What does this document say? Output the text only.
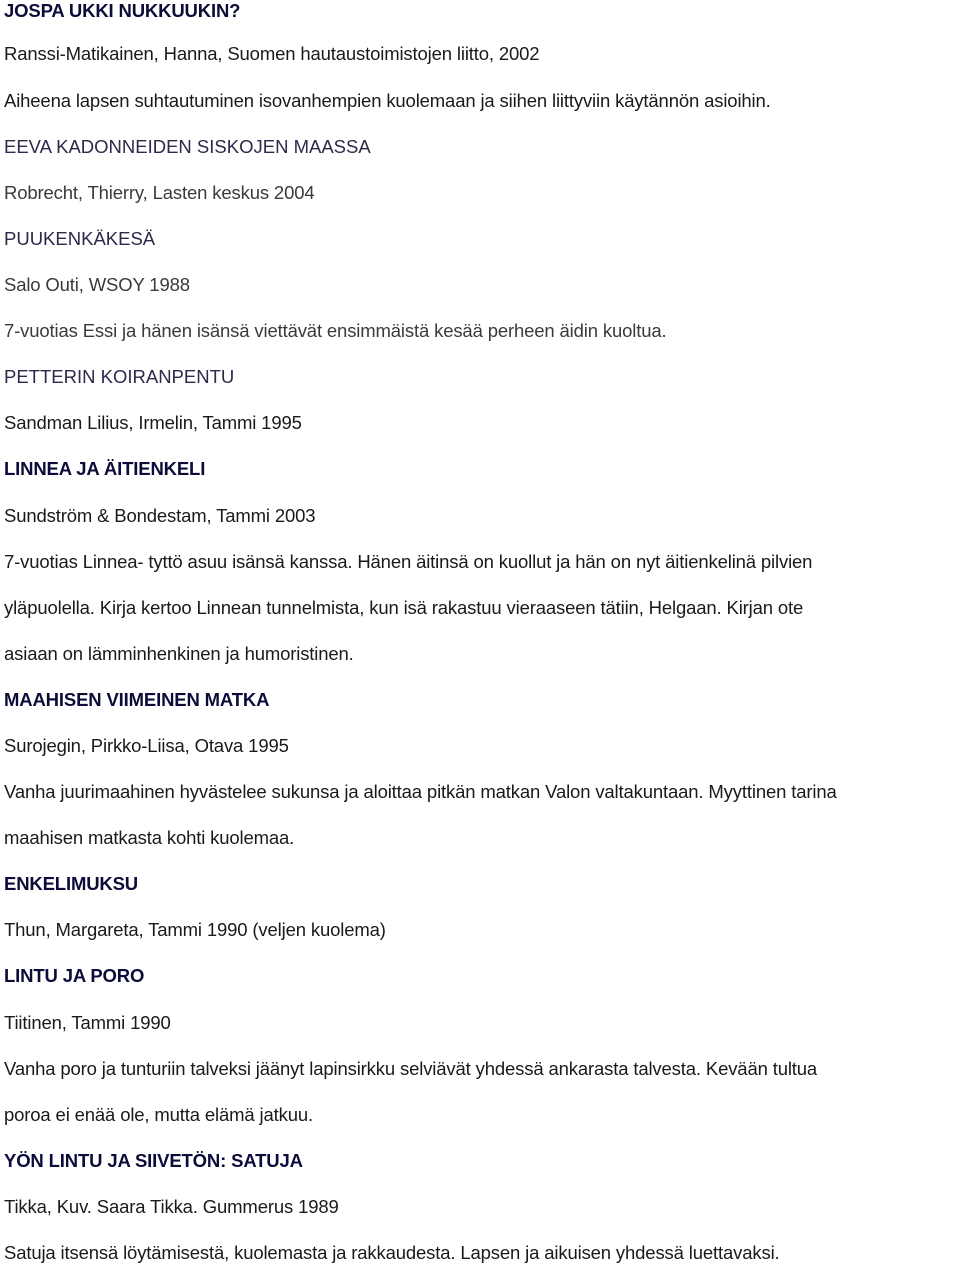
JOSPA UKKI NUKKUUKIN?
Ranssi-Matikainen, Hanna, Suomen hautaustoimistojen liitto, 2002
Aiheena lapsen suhtautuminen isovanhempien kuolemaan ja siihen liittyviin käytännön asioihin.
EEVA KADONNEIDEN SISKOJEN MAASSA
Robrecht, Thierry, Lasten keskus 2004
PUUKENKÄKESÄ
Salo Outi, WSOY 1988
7-vuotias Essi ja hänen isänsä viettävät ensimmäistä kesää perheen äidin kuoltua.
PETTERIN KOIRANPENTU
Sandman Lilius, Irmelin, Tammi 1995
LINNEA JA ÄITIENKELI
Sundström & Bondestam, Tammi 2003
7-vuotias Linnea- tyttö asuu isänsä kanssa. Hänen äitinsä on kuollut ja hän on nyt äitienkelinä pilvien
yläpuolella. Kirja kertoo Linnean tunnelmista, kun isä rakastuu vieraaseen tätiin, Helgaan. Kirjan ote
asiaan on lämminhenkinen ja humoristinen.
MAAHISEN VIIMEINEN MATKA
Surojegin, Pirkko-Liisa, Otava 1995
Vanha juurimaahinen hyvästelee sukunsa ja aloittaa pitkän matkan Valon valtakuntaan. Myyttinen tarina
maahisen matkasta kohti kuolemaa.
ENKELIMUKSU
Thun, Margareta, Tammi 1990 (veljen kuolema)
LINTU JA PORO
Tiitinen, Tammi 1990
Vanha poro ja tunturiin talveksi jäänyt lapinsirkku selviävät yhdessä ankarasta talvesta. Kevään tultua
poroa ei enää ole, mutta elämä jatkuu.
YÖN LINTU JA SIIVETÖN: SATUJA
Tikka, Kuv. Saara Tikka. Gummerus 1989
Satuja itsensä löytämisestä, kuolemasta ja rakkaudesta. Lapsen ja aikuisen yhdessä luettavaksi.
